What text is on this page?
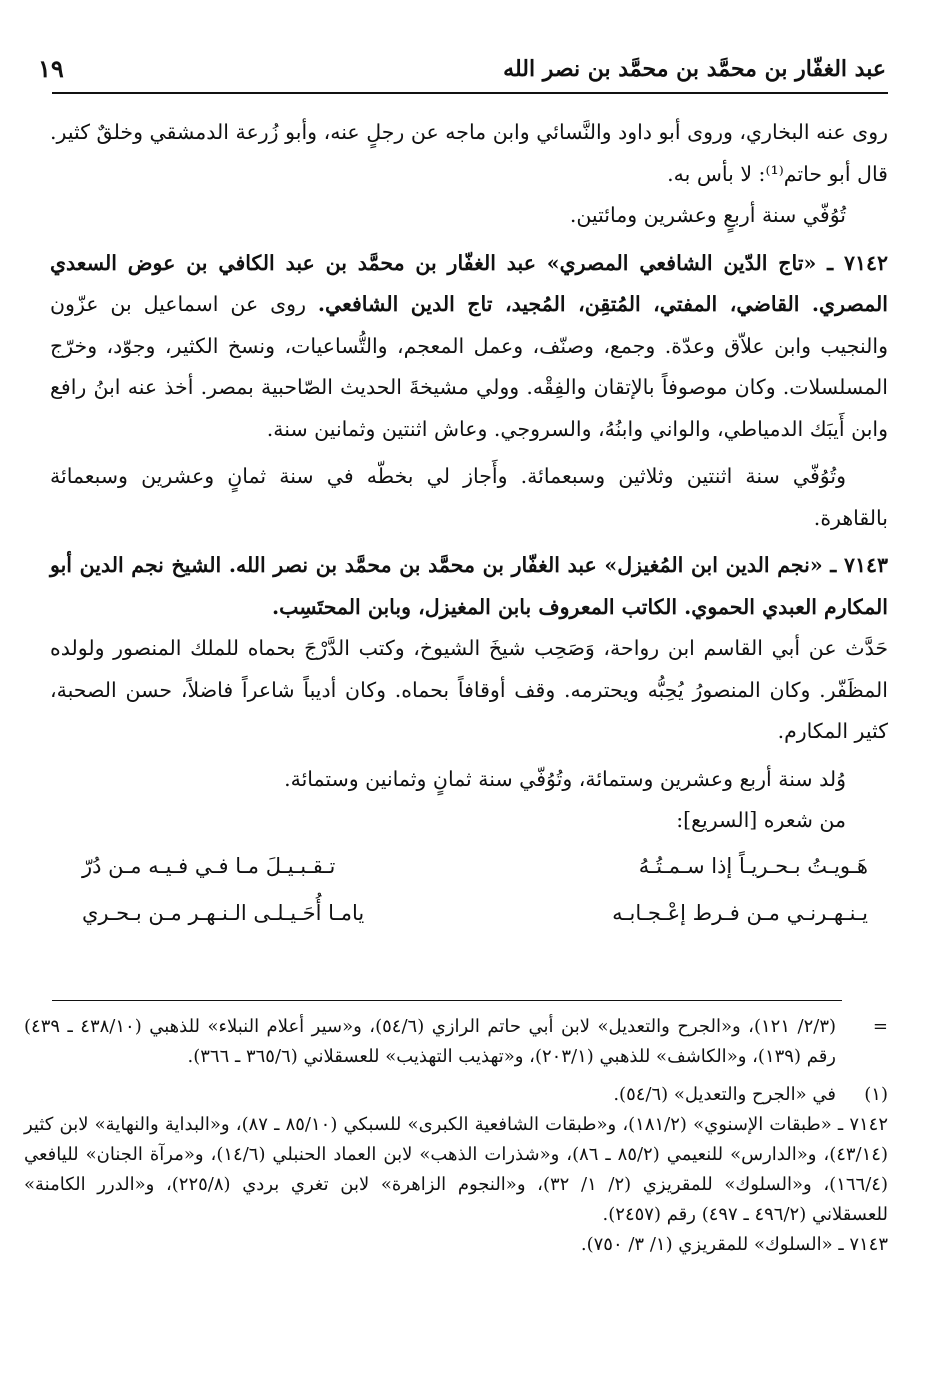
عبد الغفّار بن محمَّد بن محمَّد بن نصر الله
١٩

روى عنه البخاري، وروى أبو داود والنَّسائي وابن ماجه عن رجلٍ عنه، وأبو زُرعة الدمشقي وخلقٌ كثير. قال أبو حاتم⁽¹⁾: لا بأس به.

تُوُفّي سنة أربعٍ وعشرين ومائتين.

٧١٤٢ ـ «تاج الدّين الشافعي المصري» عبد الغفّار بن محمَّد بن عبد الكافي بن عوض السعدي المصري. القاضي، المفتي، المُتقِن، المُجيد، تاج الدين الشافعي. روى عن اسماعيل بن عزّون والنجيب وابن علاّق وعدّة. وجمع، وصنّف، وعمل المعجم، والتُّساعيات، ونسخ الكثير، وجوّد، وخرّج المسلسلات. وكان موصوفاً بالإتقان والفِقْه. وولي مشيخةَ الحديث الصّاحبية بمصر. أخذ عنه ابنُ رافع وابن أَيبَك الدمياطي، والواني وابنُهُ، والسروجي. وعاش اثنتين وثمانين سنة.

وتُوُفّي سنة اثنتين وثلاثين وسبعمائة. وأَجاز لي بخطّه في سنة ثمانٍ وعشرين وسبعمائة بالقاهرة.

٧١٤٣ ـ «نجم الدين ابن المُغيزل» عبد الغفّار بن محمَّد بن محمَّد بن نصر الله. الشيخ نجم الدين أبو المكارم العبدي الحموي. الكاتب المعروف بابن المغيزل، وبابن المحتَسِب.

حَدَّث عن أبي القاسم ابن رواحة، وَصَحِب شيخَ الشيوخ، وكتب الدَّرْجَ بحماه للملك المنصور ولولده المظَفّر. وكان المنصورُ يُحِبُّه ويحترمه. وقف أوقافاً بحماه. وكان أديباً شاعراً فاضلاً، حسن الصحبة، كثير المكارم.

وُلد سنة أربع وعشرين وستمائة، وتُوُفّي سنة ثمانٍ وثمانين وستمائة.

من شعره [السريع]:

هَـويـتُ بـحـريـاً إذا سـمـتُـهُ
تـقـبـيـلَ مـا فـي فـيـه مـن دُرّ
يـنـهـرنـي مـن فـرط إعْـجـابـه
يامـا أُحَـيـلـى الـنـهـر مـن بـحـري

=
(٢/٣/ ١٢١)، و«الجرح والتعديل» لابن أبي حاتم الرازي (٥٤/٦)، و«سير أعلام النبلاء» للذهبي (٤٣٨/١٠ ـ ٤٣٩) رقم (١٣٩)، و«الكاشف» للذهبي (٢٠٣/١)، و«تهذيب التهذيب» للعسقلاني (٣٦٥/٦ ـ ٣٦٦).

(١)
في «الجرح والتعديل» (٥٤/٦).

٧١٤٢ ـ «طبقات الإسنوي» (١٨١/٢)، و«طبقات الشافعية الكبرى» للسبكي (٨٥/١٠ ـ ٨٧)، و«البداية والنهاية» لابن كثير (٤٣/١٤)، و«الدارس» للنعيمي (٨٥/٢ ـ ٨٦)، و«شذرات الذهب» لابن العماد الحنبلي (١٤/٦)، و«مرآة الجنان» لليافعي (١٦٦/٤)، و«السلوك» للمقريزي (٢/ ١/ ٣٢)، و«النجوم الزاهرة» لابن تغري بردي (٢٢٥/٨)، و«الدرر الكامنة» للعسقلاني (٤٩٦/٢ ـ ٤٩٧) رقم (٢٤٥٧).

٧١٤٣ ـ «السلوك» للمقريزي (١/ ٣/ ٧٥٠).
